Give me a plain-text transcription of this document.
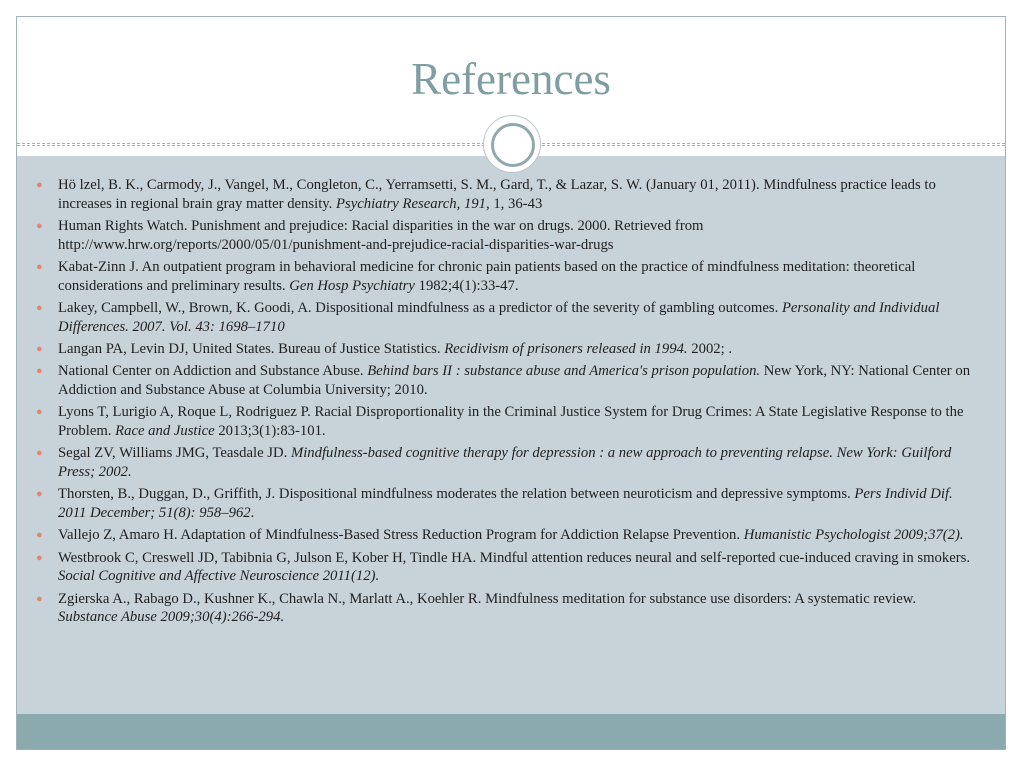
References
● Hö lzel, B. K., Carmody, J., Vangel, M., Congleton, C., Yerramsetti, S. M., Gard, T., & Lazar, S. W. (January 01, 2011). Mindfulness practice leads to increases in regional brain gray matter density. Psychiatry Research, 191, 1, 36-43
● Human Rights Watch. Punishment and prejudice: Racial disparities in the war on drugs. 2000. Retrieved from http://www.hrw.org/reports/2000/05/01/punishment-and-prejudice-racial-disparities-war-drugs
● Kabat-Zinn J. An outpatient program in behavioral medicine for chronic pain patients based on the practice of mindfulness meditation: theoretical considerations and preliminary results. Gen Hosp Psychiatry 1982;4(1):33-47.
● Lakey, Campbell, W., Brown, K. Goodi, A. Dispositional mindfulness as a predictor of the severity of gambling outcomes. Personality and Individual Differences. 2007. Vol. 43: 1698–1710
● Langan PA, Levin DJ, United States. Bureau of Justice Statistics. Recidivism of prisoners released in 1994. 2002; .
● National Center on Addiction and Substance Abuse. Behind bars II : substance abuse and America's prison population. New York, NY: National Center on Addiction and Substance Abuse at Columbia University; 2010.
● Lyons T, Lurigio A, Roque L, Rodriguez P. Racial Disproportionality in the Criminal Justice System for Drug Crimes: A State Legislative Response to the Problem. Race and Justice 2013;3(1):83-101.
● Segal ZV, Williams JMG, Teasdale JD. Mindfulness-based cognitive therapy for depression : a new approach to preventing relapse. New York: Guilford Press; 2002.
● Thorsten, B., Duggan, D., Griffith, J. Dispositional mindfulness moderates the relation between neuroticism and depressive symptoms. Pers Individ Dif. 2011 December; 51(8): 958–962.
● Vallejo Z, Amaro H. Adaptation of Mindfulness-Based Stress Reduction Program for Addiction Relapse Prevention. Humanistic Psychologist 2009;37(2).
● Westbrook C, Creswell JD, Tabibnia G, Julson E, Kober H, Tindle HA. Mindful attention reduces neural and self-reported cue-induced craving in smokers. Social Cognitive and Affective Neuroscience 2011(12).
● Zgierska A., Rabago D., Kushner K., Chawla N., Marlatt A., Koehler R. Mindfulness meditation for substance use disorders: A systematic review. Substance Abuse 2009;30(4):266-294.
